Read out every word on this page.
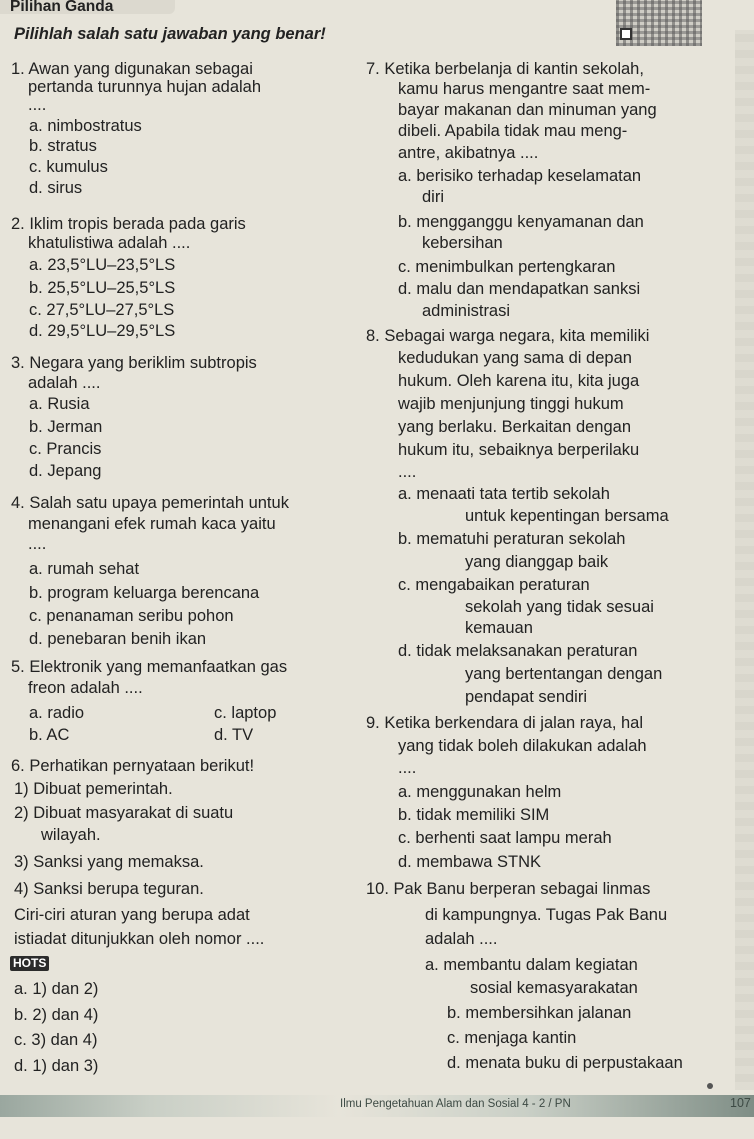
Pilihan Ganda
Pilihlah salah satu jawaban yang benar!
1. Awan yang digunakan sebagai
pertanda turunnya hujan adalah
....
a. nimbostratus
b. stratus
c. kumulus
d. sirus
2. Iklim tropis berada pada garis
khatulistiwa adalah ....
a. 23,5°LU–23,5°LS
b. 25,5°LU–25,5°LS
c. 27,5°LU–27,5°LS
d. 29,5°LU–29,5°LS
3. Negara yang beriklim subtropis
adalah ....
a. Rusia
b. Jerman
c. Prancis
d. Jepang
4. Salah satu upaya pemerintah untuk
menangani efek rumah kaca yaitu
....
a. rumah sehat
b. program keluarga berencana
c. penanaman seribu pohon
d. penebaran benih ikan
5. Elektronik yang memanfaatkan gas
freon adalah ....
a. radio
b. AC
c. laptop
d. TV
6. Perhatikan pernyataan berikut!
1) Dibuat pemerintah.
2) Dibuat masyarakat di suatu
wilayah.
3) Sanksi yang memaksa.
4) Sanksi berupa teguran.
Ciri-ciri aturan yang berupa adat
istiadat ditunjukkan oleh nomor ....
HOTS
a. 1) dan 2)
b. 2) dan 4)
c. 3) dan 4)
d. 1) dan 3)
7. Ketika berbelanja di kantin sekolah,
kamu harus mengantre saat mem-
bayar makanan dan minuman yang
dibeli. Apabila tidak mau meng-
antre, akibatnya ....
a. berisiko terhadap keselamatan
diri
b. mengganggu kenyamanan dan
kebersihan
c. menimbulkan pertengkaran
d. malu dan mendapatkan sanksi
administrasi
8. Sebagai warga negara, kita memiliki
kedudukan yang sama di depan
hukum. Oleh karena itu, kita juga
wajib menjunjung tinggi hukum
yang berlaku. Berkaitan dengan
hukum itu, sebaiknya berperilaku
....
a. menaati tata tertib sekolah
untuk kepentingan bersama
b. mematuhi peraturan sekolah
yang dianggap baik
c. mengabaikan peraturan
sekolah yang tidak sesuai
kemauan
d. tidak melaksanakan peraturan
yang bertentangan dengan
pendapat sendiri
9. Ketika berkendara di jalan raya, hal
yang tidak boleh dilakukan adalah
....
a. menggunakan helm
b. tidak memiliki SIM
c. berhenti saat lampu merah
d. membawa STNK
10. Pak Banu berperan sebagai linmas
di kampungnya. Tugas Pak Banu
adalah ....
a. membantu dalam kegiatan
sosial kemasyarakatan
b. membersihkan jalanan
c. menjaga kantin
d. menata buku di perpustakaan
Ilmu Pengetahuan Alam dan Sosial 4 - 2 / PN	107
